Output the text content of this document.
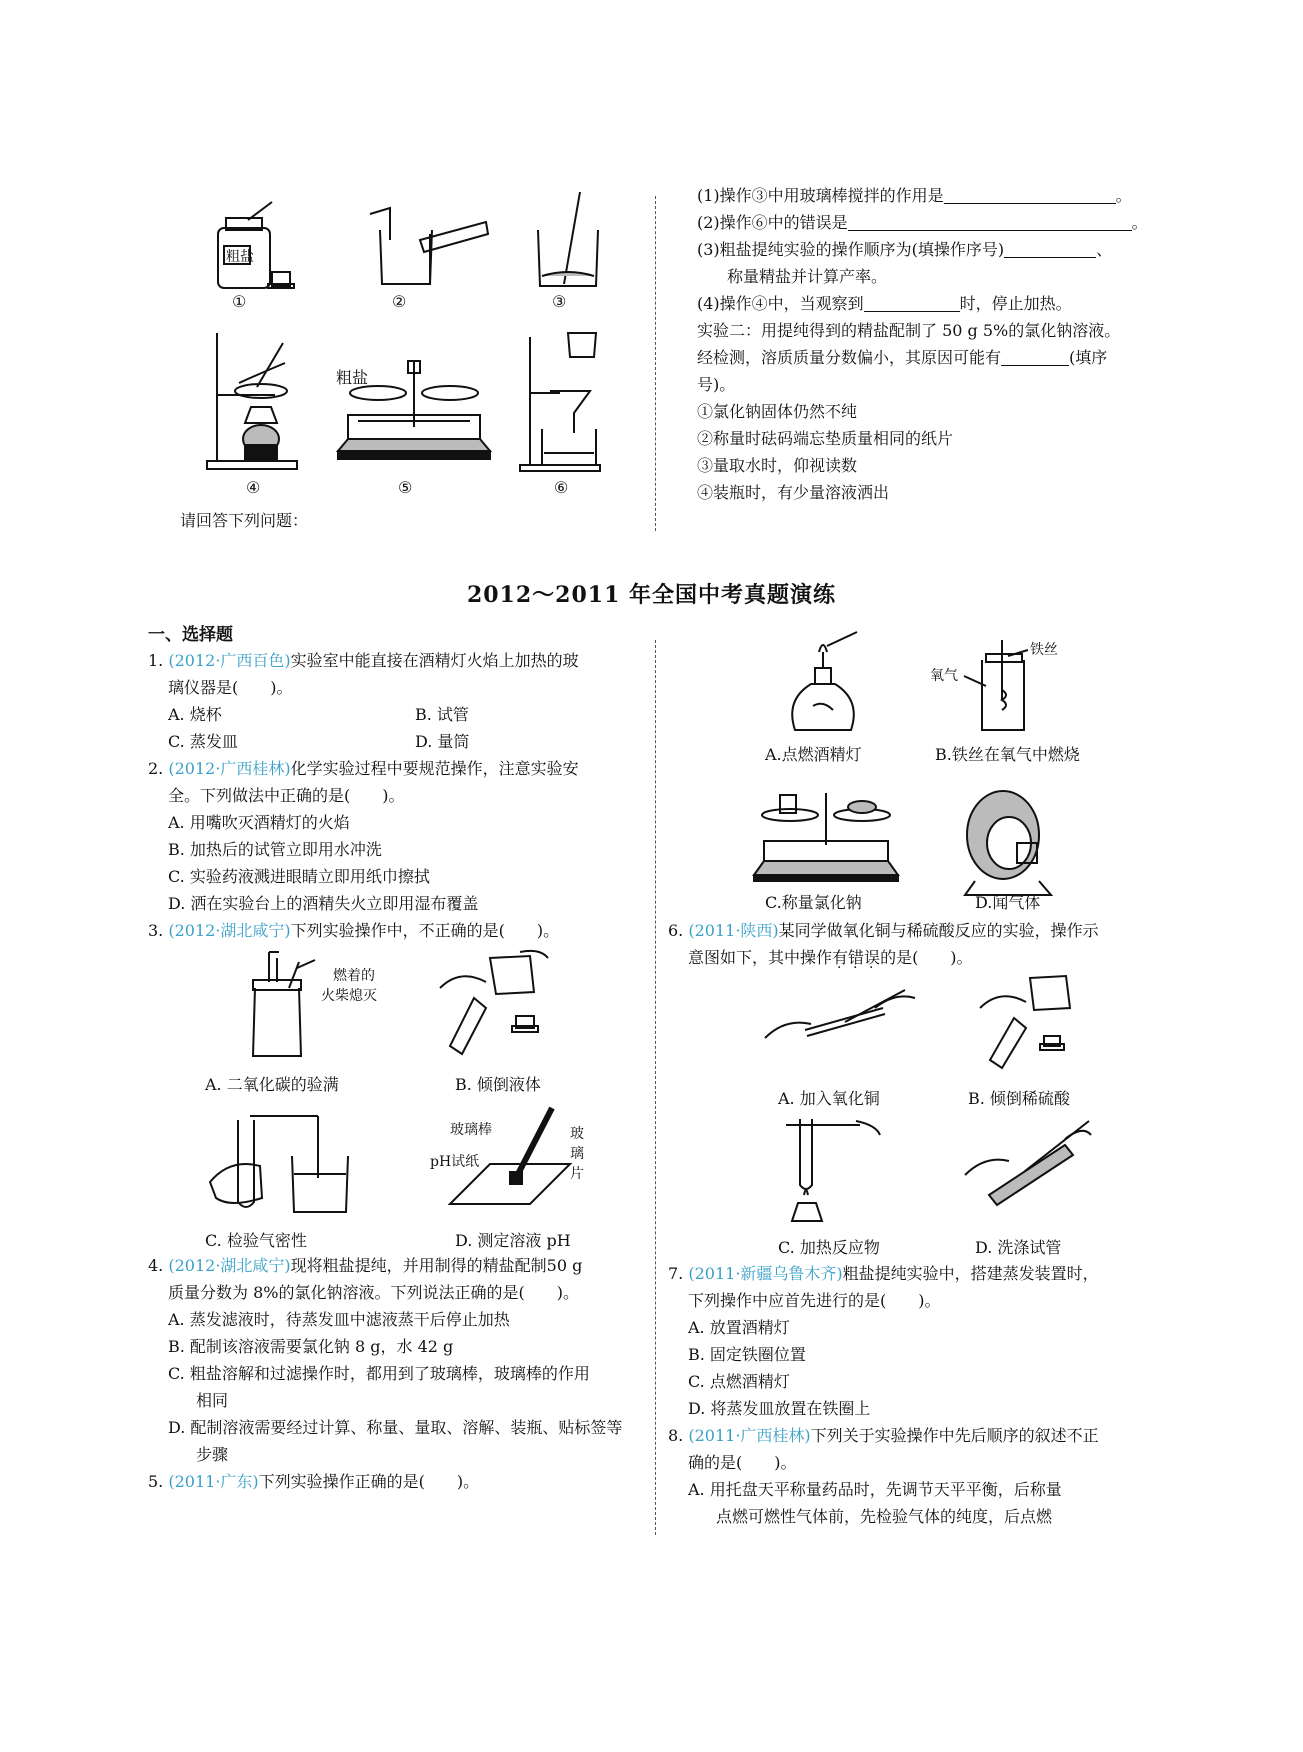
粗盐
①	②	③
④
粗盐
⑤	⑥
请回答下列问题：
(1)操作③中用玻璃棒搅拌的作用是	。
(2)操作⑥中的错误是	。
(3)粗盐提纯实验的操作顺序为(填操作序号)	、
称量精盐并计算产率。
(4)操作④中，当观察到	时，停止加热。
实验二：用提纯得到的精盐配制了 50 g 5%的氯化钠溶液。
经检测，溶质质量分数偏小，其原因可能有	(填序
号)。
①氯化钠固体仍然不纯
②称量时砝码端忘垫质量相同的纸片
③量取水时，仰视读数
④装瓶时，有少量溶液洒出
2012～2011 年全国中考真题演练
一、选择题
1. (2012·广西百色)实验室中能直接在酒精灯火焰上加热的玻
璃仪器是(　　)。
A. 烧杯	B. 试管
C. 蒸发皿	D. 量筒
2. (2012·广西桂林)化学实验过程中要规范操作，注意实验安
全。下列做法中正确的是(　　)。
A. 用嘴吹灭酒精灯的火焰
B. 加热后的试管立即用水冲洗
C. 实验药液溅进眼睛立即用纸巾擦拭
D. 洒在实验台上的酒精失火立即用湿布覆盖
3. (2012·湖北咸宁)下列实验操作中，不正确的是(　　)。
燃着的
火柴熄灭
A. 二氧化碳的验满	B. 倾倒液体
C. 检验气密性
玻璃棒
pH试纸
玻
璃
片
D. 测定溶液 pH
4. (2012·湖北咸宁)现将粗盐提纯，并用制得的精盐配制50 g
质量分数为 8%的氯化钠溶液。下列说法正确的是(　　)。
A. 蒸发滤液时，待蒸发皿中滤液蒸干后停止加热
B. 配制该溶液需要氯化钠 8 g，水 42 g
C. 粗盐溶解和过滤操作时，都用到了玻璃棒，玻璃棒的作用
相同
D. 配制溶液需要经过计算、称量、量取、溶解、装瓶、贴标签等
步骤
5. (2011·广东)下列实验操作正确的是(　　)。
A.点燃酒精灯
氧气
铁丝
B.铁丝在氧气中燃烧
C.称量氯化钠	D.闻气体
6. (2011·陕西)某同学做氧化铜与稀硫酸反应的实验，操作示
意图如下，其中操作有错误的是(　　)。
A. 加入氧化铜	B. 倾倒稀硫酸
C. 加热反应物	D. 洗涤试管
7. (2011·新疆乌鲁木齐)粗盐提纯实验中，搭建蒸发装置时，
下列操作中应首先进行的是(　　)。
A. 放置酒精灯
B. 固定铁圈位置
C. 点燃酒精灯
D. 将蒸发皿放置在铁圈上
8. (2011·广西桂林)下列关于实验操作中先后顺序的叙述不正
确的是(　　)。
A. 用托盘天平称量药品时，先调节天平平衡，后称量
点燃可燃性气体前，先检验气体的纯度，后点燃
